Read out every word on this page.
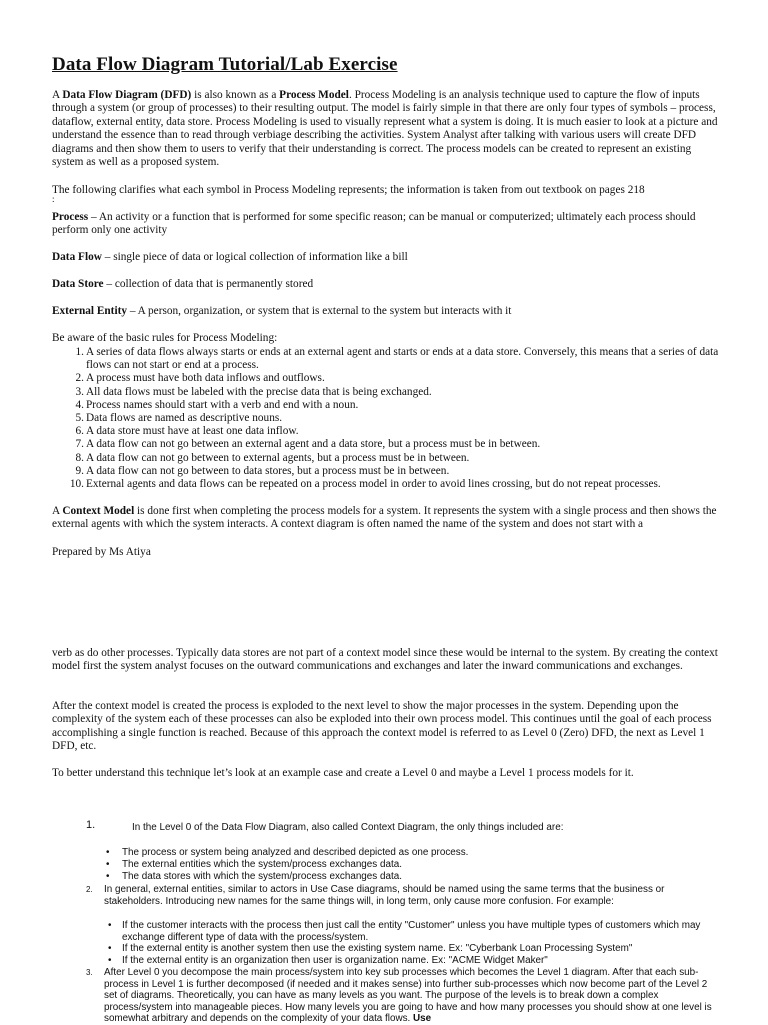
Data Flow Diagram Tutorial/Lab Exercise

A Data Flow Diagram (DFD) is also known as a Process Model. Process Modeling is an analysis technique used to capture the flow of inputs through a system (or group of processes) to their resulting output. The model is fairly simple in that there are only four types of symbols – process, dataflow, external entity, data store. Process Modeling is used to visually represent what a system is doing. It is much easier to look at a picture and understand the essence than to read through verbiage describing the activities. System Analyst after talking with various users will create DFD diagrams and then show them to users to verify that their understanding is correct. The process models can be created to represent an existing system as well as a proposed system.

The following clarifies what each symbol in Process Modeling represents; the information is taken from out textbook on pages 218

:

Process – An activity or a function that is performed for some specific reason; can be manual or computerized; ultimately each process should perform only one activity

Data Flow – single piece of data or logical collection of information like a bill

Data Store – collection of data that is permanently stored

External Entity – A person, organization, or system that is external to the system but interacts with it

Be aware of the basic rules for Process Modeling:

1. A series of data flows always starts or ends at an external agent and starts or ends at a data store. Conversely, this means that a series of data flows can not start or end at a process.
2. A process must have both data inflows and outflows.
3. All data flows must be labeled with the precise data that is being exchanged.
4. Process names should start with a verb and end with a noun.
5. Data flows are named as descriptive nouns.
6. A data store must have at least one data inflow.
7. A data flow can not go between an external agent and a data store, but a process must be in between.
8. A data flow can not go between to external agents, but a process must be in between.
9. A data flow can not go between to data stores, but a process must be in between.
10. External agents and data flows can be repeated on a process model in order to avoid lines crossing, but do not repeat processes.

A Context Model is done first when completing the process models for a system. It represents the system with a single process and then shows the external agents with which the system interacts. A context diagram is often named the name of the system and does not start with a

Prepared by Ms Atiya

verb as do other processes. Typically data stores are not part of a context model since these would be internal to the system. By creating the context model first the system analyst focuses on the outward communications and exchanges and later the inward communications and exchanges.

After the context model is created the process is exploded to the next level to show the major processes in the system. Depending upon the complexity of the system each of these processes can also be exploded into their own process model. This continues until the goal of each process accomplishing a single function is reached. Because of this approach the context model is referred to as Level 0 (Zero) DFD, the next as Level 1 DFD, etc.

To better understand this technique let’s look at an example case and create a Level 0 and maybe a Level 1 process models for it.

1.	In the Level 0 of the Data Flow Diagram, also called Context Diagram, the only things included are:
• The process or system being analyzed and described depicted as one process.
• The external entities which the system/process exchanges data.
• The data stores with which the system/process exchanges data.
2.	In general, external entities, similar to actors in Use Case diagrams, should be named using the same terms that the business or stakeholders. Introducing new names for the same things will, in long term, only cause more confusion. For example:
• If the customer interacts with the process then just call the entity "Customer" unless you have multiple types of customers which may exchange different type of data with the process/system.
• If the external entity is another system then use the existing system name. Ex: "Cyberbank Loan Processing System"
• If the external entity is an organization then user is organization name. Ex: "ACME Widget Maker"
3.	After Level 0 you decompose the main process/system into key sub processes which becomes the Level 1 diagram. After that each sub-process in Level 1 is further decomposed (if needed and it makes sense) into further sub-processes which now become part of the Level 2 set of diagrams. Theoretically, you can have as many levels as you want. The purpose of the levels is to break down a complex process/system into manageable pieces. How many levels you are going to have and how many processes you should show at one level is somewhat arbitrary and depends on the complexity of your data flows. Use
